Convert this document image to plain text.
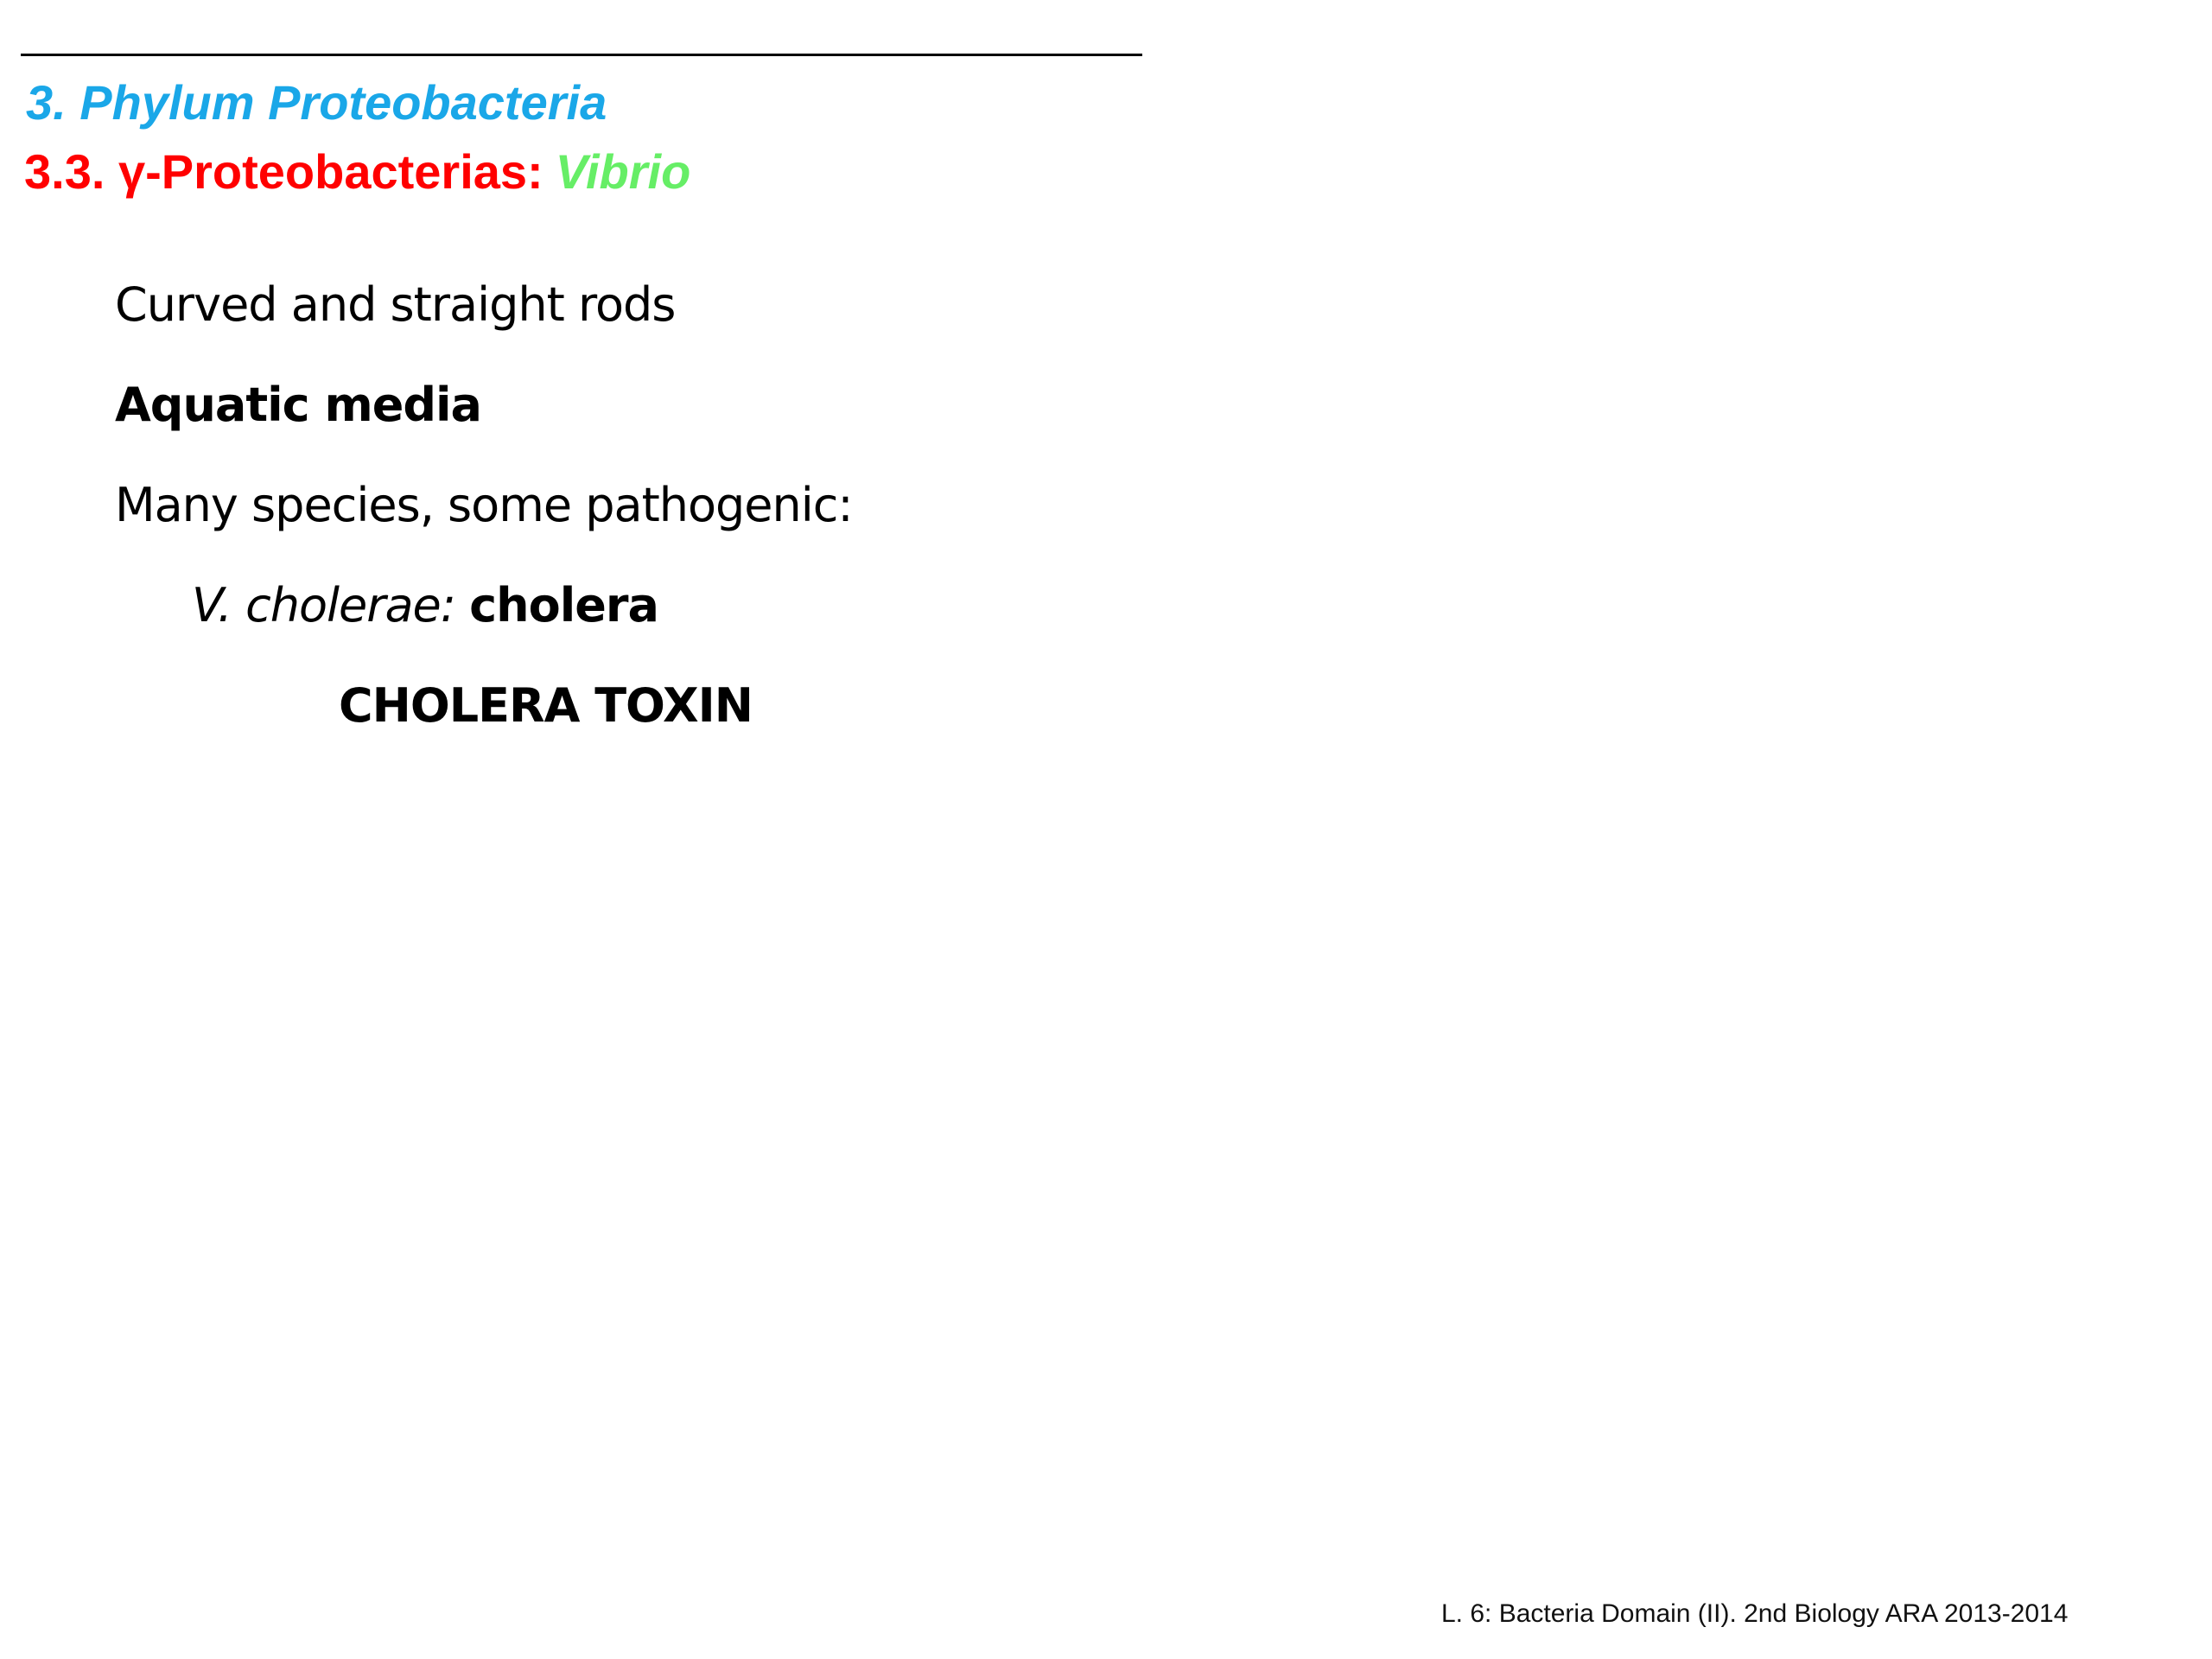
3. Phylum Proteobacteria
3.3. γ-Proteobacterias: Vibrio
Curved and straight rods
Aquatic media
Many species, some pathogenic:
V. cholerae: cholera
CHOLERA TOXIN
L. 6: Bacteria Domain (II). 2nd Biology ARA 2013-2014
